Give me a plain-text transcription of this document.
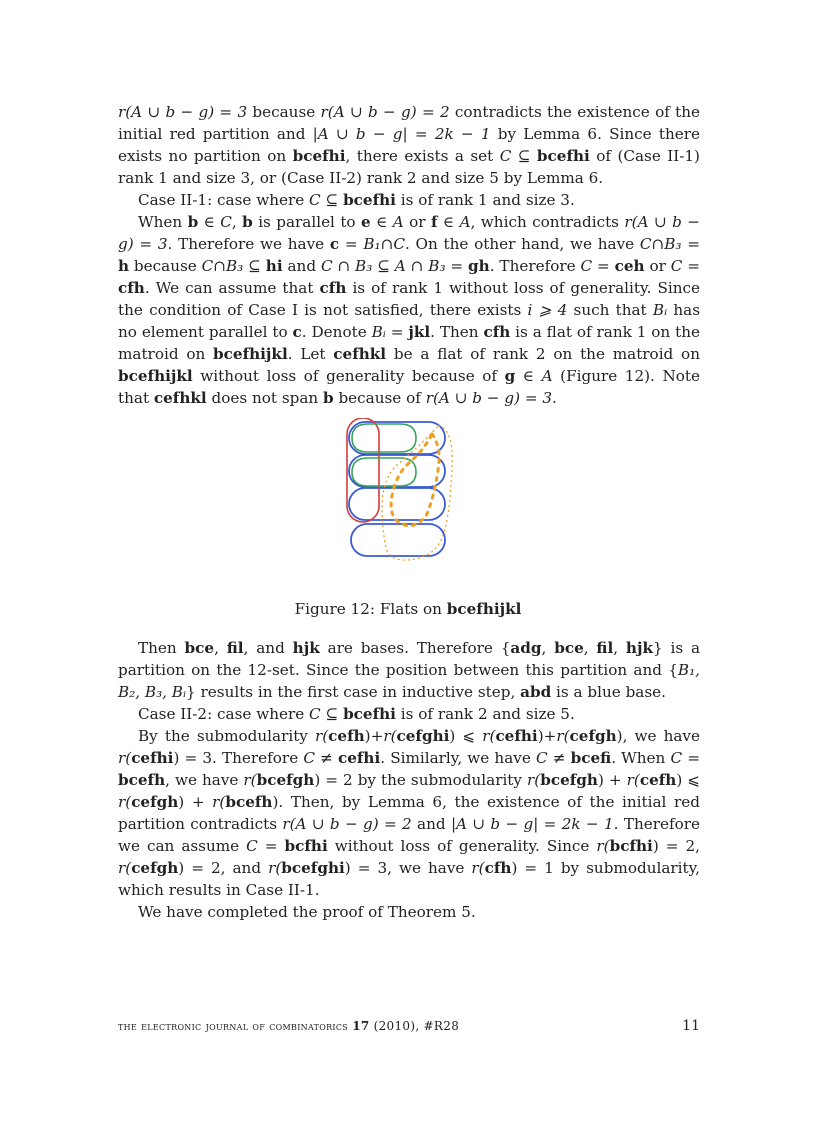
r(A ∪ b − g) = 3 because r(A ∪ b − g) = 2 contradicts the existence of the initial red partition and |A ∪ b − g| = 2k − 1 by Lemma 6. Since there exists no partition on bcefhi, there exists a set C ⊆ bcefhi of (Case II-1) rank 1 and size 3, or (Case II-2) rank 2 and size 5 by Lemma 6.

Case II-1: case where C ⊆ bcefhi is of rank 1 and size 3.

When b ∈ C, b is parallel to e ∈ A or f ∈ A, which contradicts r(A ∪ b − g) = 3. Therefore we have c = B₁∩C. On the other hand, we have C∩B₃ = h because C∩B₃ ⊆ hi and C ∩ B₃ ⊆ A ∩ B₃ = gh. Therefore C = ceh or C = cfh. We can assume that cfh is of rank 1 without loss of generality. Since the condition of Case I is not satisfied, there exists i ⩾ 4 such that Bᵢ has no element parallel to c. Denote Bᵢ = jkl. Then cfh is a flat of rank 1 on the matroid on bcefhijkl. Let cefhkl be a flat of rank 2 on the matroid on bcefhijkl without loss of generality because of g ∈ A (Figure 12). Note that cefhkl does not span b because of r(A ∪ b − g) = 3.

Figure 12: Flats on bcefhijkl

Then bce, fil, and hjk are bases. Therefore {adg, bce, fil, hjk} is a partition on the 12-set. Since the position between this partition and {B₁, B₂, B₃, Bᵢ} results in the first case in inductive step, abd is a blue base.

Case II-2: case where C ⊆ bcefhi is of rank 2 and size 5.

By the submodularity r(cefh)+r(cefghi) ⩽ r(cefhi)+r(cefgh), we have r(cefhi) = 3. Therefore C ≠ cefhi. Similarly, we have C ≠ bcefi. When C = bcefh, we have r(bcefgh) = 2 by the submodularity r(bcefgh) + r(cefh) ⩽ r(cefgh) + r(bcefh). Then, by Lemma 6, the existence of the initial red partition contradicts r(A ∪ b − g) = 2 and |A ∪ b − g| = 2k − 1. Therefore we can assume C = bcfhi without loss of generality. Since r(bcfhi) = 2, r(cefgh) = 2, and r(bcefghi) = 3, we have r(cfh) = 1 by submodularity, which results in Case II-1.

We have completed the proof of Theorem 5.

the electronic journal of combinatorics 17 (2010), #R28	11
